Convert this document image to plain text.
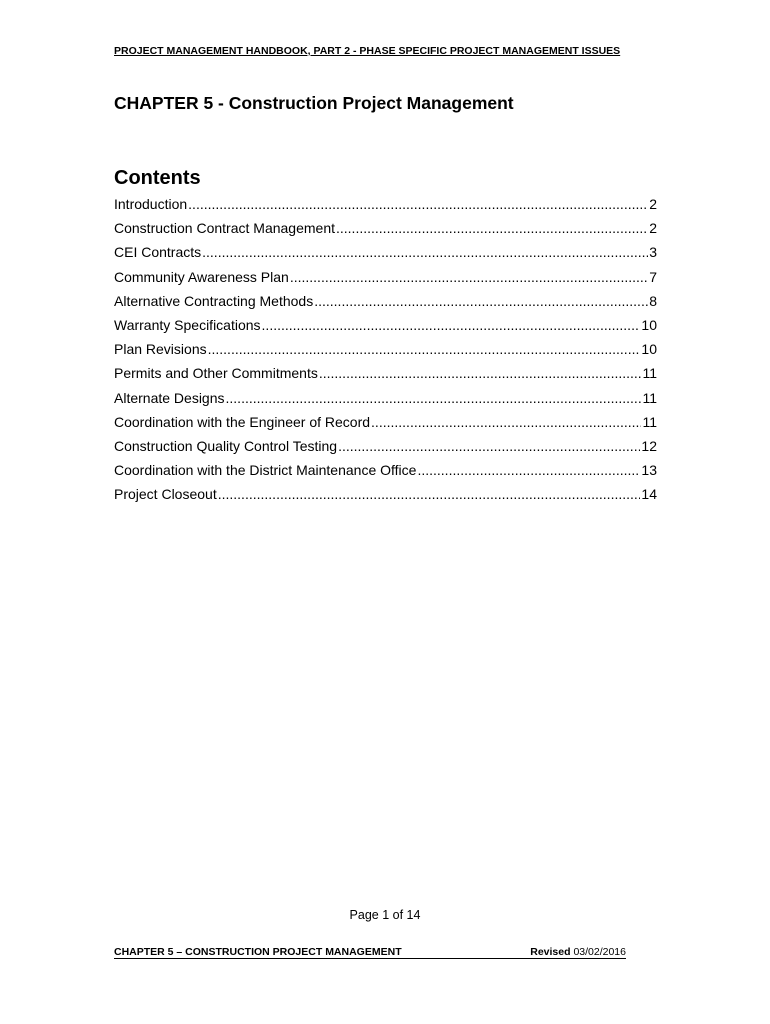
PROJECT MANAGEMENT HANDBOOK, PART 2 - PHASE SPECIFIC PROJECT MANAGEMENT ISSUES
CHAPTER 5 - Construction Project Management
Contents
Introduction .....	2
Construction Contract Management .....	2
CEI Contracts .....	3
Community Awareness Plan .....	7
Alternative Contracting Methods .....	8
Warranty Specifications .....	10
Plan Revisions .....	10
Permits and Other Commitments .....	11
Alternate Designs .....	11
Coordination with the Engineer of Record .....	11
Construction Quality Control Testing .....	12
Coordination with the District Maintenance Office .....	13
Project Closeout .....	14
Page 1 of 14
CHAPTER 5 – CONSTRUCTION PROJECT MANAGEMENT	Revised 03/02/2016
